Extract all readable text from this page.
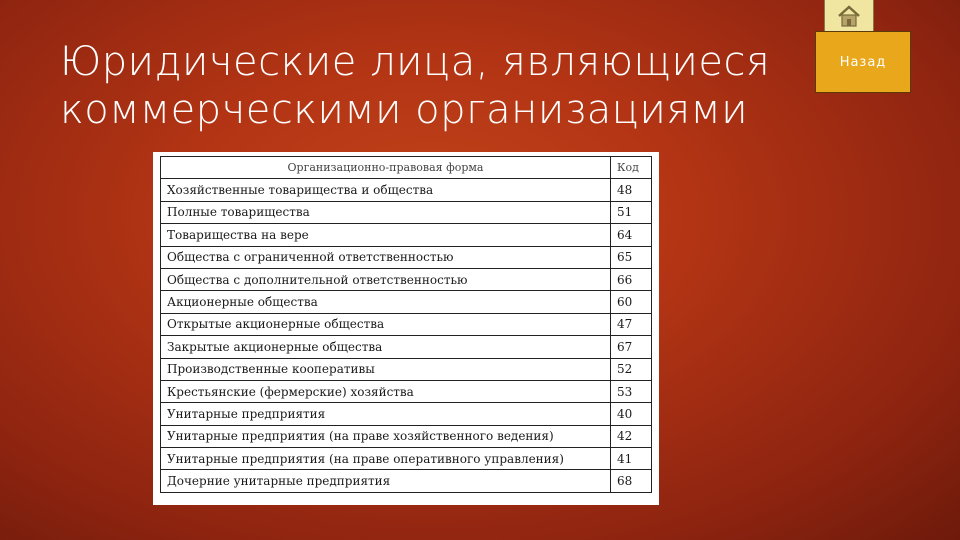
Юридические лица, являющиеся
коммерческими организациями
Назад
Организационно-правовая форма	Код
Хозяйственные товарищества и общества	48
Полные товарищества	51
Товарищества на вере	64
Общества с ограниченной ответственностью	65
Общества с дополнительной ответственностью	66
Акционерные общества	60
Открытые акционерные общества	47
Закрытые акционерные общества	67
Производственные кооперативы	52
Крестьянские (фермерские) хозяйства	53
Унитарные предприятия	40
Унитарные предприятия (на праве хозяйственного ведения)	42
Унитарные предприятия (на праве оперативного управления)	41
Дочерние унитарные предприятия	68
